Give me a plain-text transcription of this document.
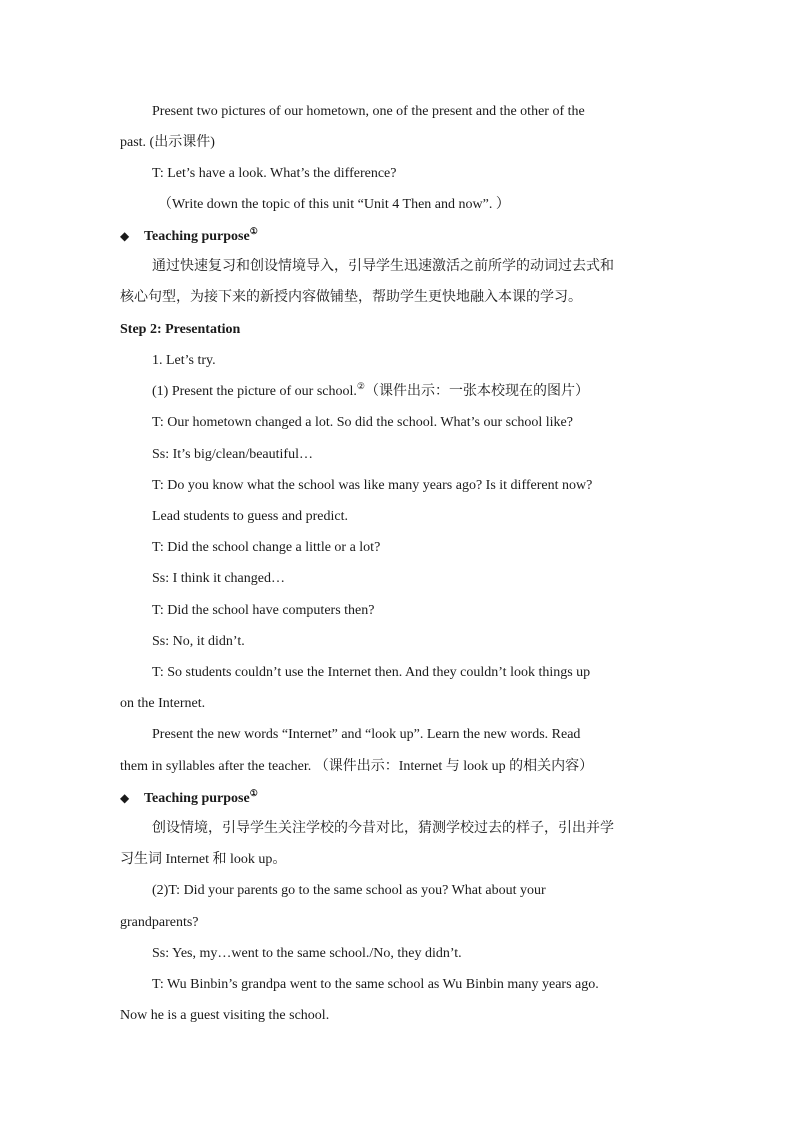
Present two pictures of our hometown, one of the present and the other of the
past. (出示课件)
T: Let’s have a look. What’s the difference?
（Write down the topic of this unit “Unit 4 Then and now”. ）
◆ Teaching purpose①
通过快速复习和创设情境导入，引导学生迅速激活之前所学的动词过去式和
核心句型，为接下来的新授内容做铺垫，帮助学生更快地融入本课的学习。
Step 2: Presentation
1. Let’s try.
(1) Present the picture of our school.②（课件出示：一张本校现在的图片）
T: Our hometown changed a lot. So did the school. What’s our school like?
Ss: It’s big/clean/beautiful…
T: Do you know what the school was like many years ago? Is it different now?
Lead students to guess and predict.
T: Did the school change a little or a lot?
Ss: I think it changed…
T: Did the school have computers then?
Ss: No, it didn’t.
T: So students couldn’t use the Internet then. And they couldn’t look things up
on the Internet.
Present the new words “Internet” and “look up”. Learn the new words. Read
them in syllables after the teacher. （课件出示：Internet 与 look up 的相关内容）
◆ Teaching purpose①
创设情境，引导学生关注学校的今昔对比，猜测学校过去的样子，引出并学
习生词 Internet 和 look up。
(2)T: Did your parents go to the same school as you? What about your
grandparents?
Ss: Yes, my…went to the same school./No, they didn’t.
T: Wu Binbin’s grandpa went to the same school as Wu Binbin many years ago.
Now he is a guest visiting the school.
